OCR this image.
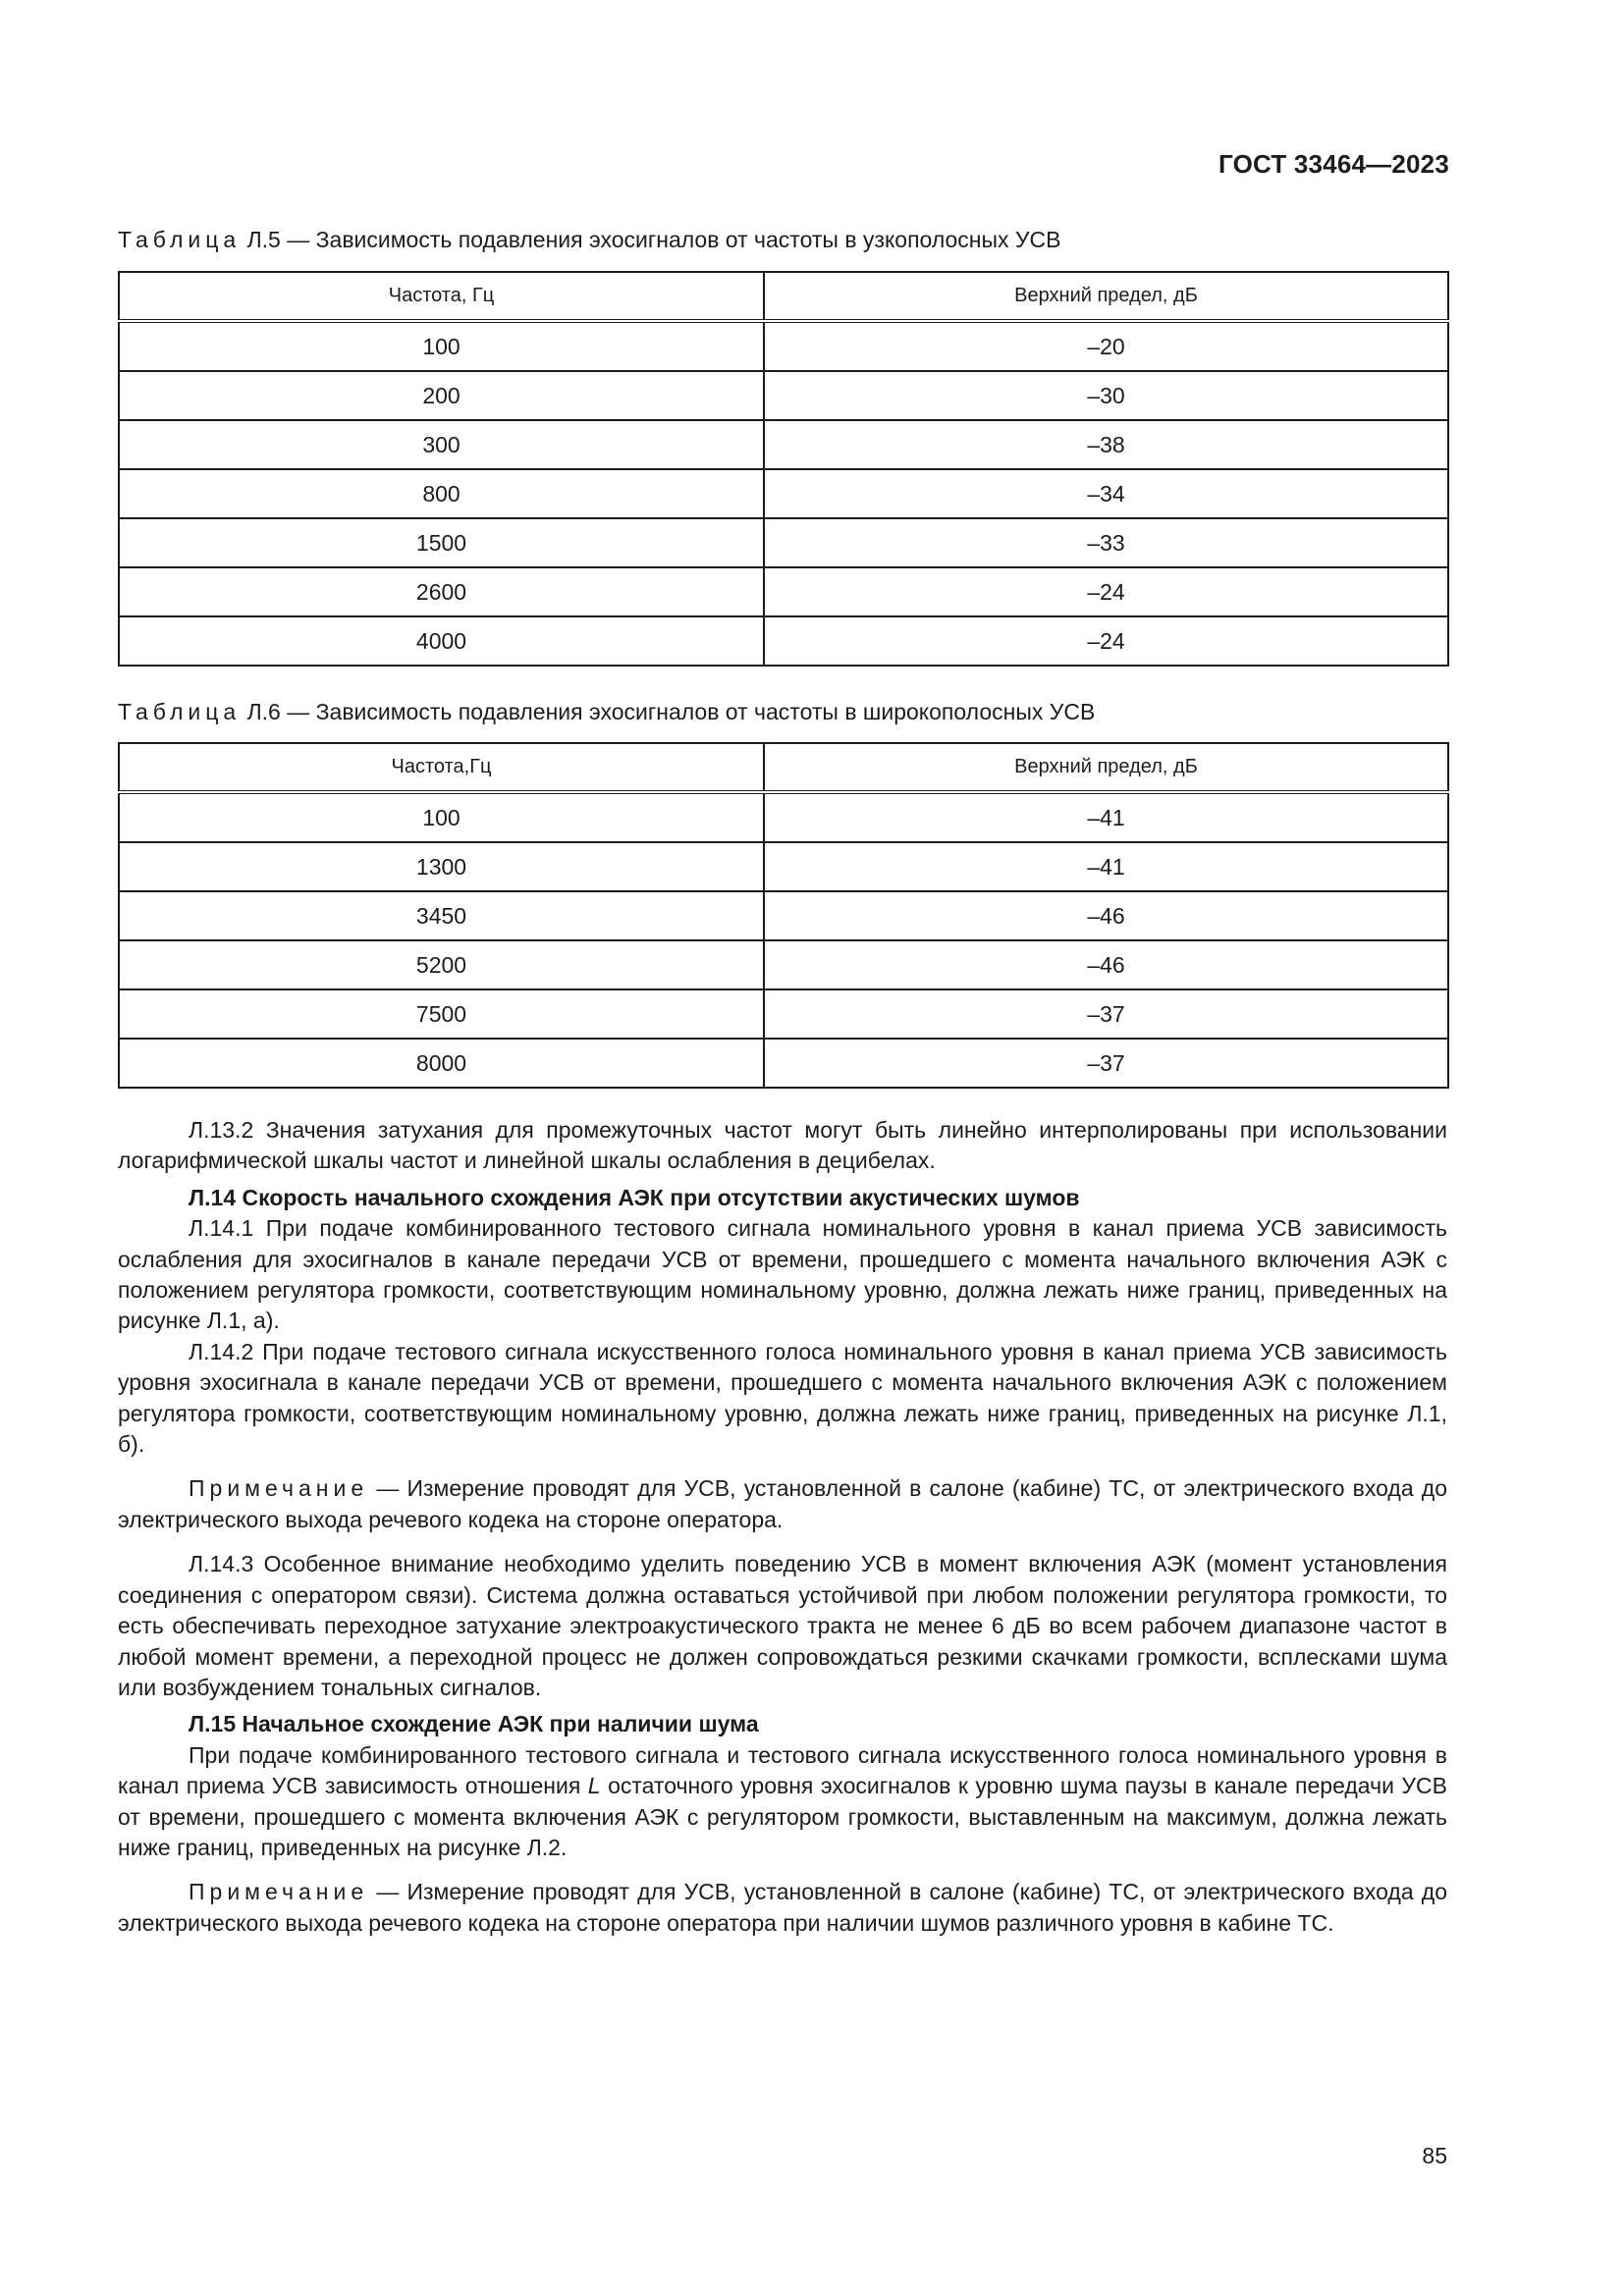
ГОСТ 33464—2023
Таблица Л.5 — Зависимость подавления эхосигналов от частоты в узкополосных УСВ
Частота, Гц	Верхний предел, дБ
100	–20
200	–30
300	–38
800	–34
1500	–33
2600	–24
4000	–24
Таблица Л.6 — Зависимость подавления эхосигналов от частоты в широкополосных УСВ
Частота,Гц	Верхний предел, дБ
100	–41
1300	–41
3450	–46
5200	–46
7500	–37
8000	–37

Л.13.2 Значения затухания для промежуточных частот могут быть линейно интерполированы при использовании логарифмической шкалы частот и линейной шкалы ослабления в децибелах.

Л.14 Скорость начального схождения АЭК при отсутствии акустических шумов

Л.14.1 При подаче комбинированного тестового сигнала номинального уровня в канал приема УСВ зависимость ослабления для эхосигналов в канале передачи УСВ от времени, прошедшего с момента начального включения АЭК с положением регулятора громкости, соответствующим номинальному уровню, должна лежать ниже границ, приведенных на рисунке Л.1, а).

Л.14.2 При подаче тестового сигнала искусственного голоса номинального уровня в канал приема УСВ зависимость уровня эхосигнала в канале передачи УСВ от времени, прошедшего с момента начального включения АЭК с положением регулятора громкости, соответствующим номинальному уровню, должна лежать ниже границ, приведенных на рисунке Л.1, б).

Примечание — Измерение проводят для УСВ, установленной в салоне (кабине) ТС, от электрического входа до электрического выхода речевого кодека на стороне оператора.

Л.14.3 Особенное внимание необходимо уделить поведению УСВ в момент включения АЭК (момент установления соединения с оператором связи). Система должна оставаться устойчивой при любом положении регулятора громкости, то есть обеспечивать переходное затухание электроакустического тракта не менее 6 дБ во всем рабочем диапазоне частот в любой момент времени, а переходной процесс не должен сопровождаться резкими скачками громкости, всплесками шума или возбуждением тональных сигналов.

Л.15 Начальное схождение АЭК при наличии шума

При подаче комбинированного тестового сигнала и тестового сигнала искусственного голоса номинального уровня в канал приема УСВ зависимость отношения L остаточного уровня эхосигналов к уровню шума паузы в канале передачи УСВ от времени, прошедшего с момента включения АЭК с регулятором громкости, выставленным на максимум, должна лежать ниже границ, приведенных на рисунке Л.2.

Примечание — Измерение проводят для УСВ, установленной в салоне (кабине) ТС, от электрического входа до электрического выхода речевого кодека на стороне оператора при наличии шумов различного уровня в кабине ТС.

85
